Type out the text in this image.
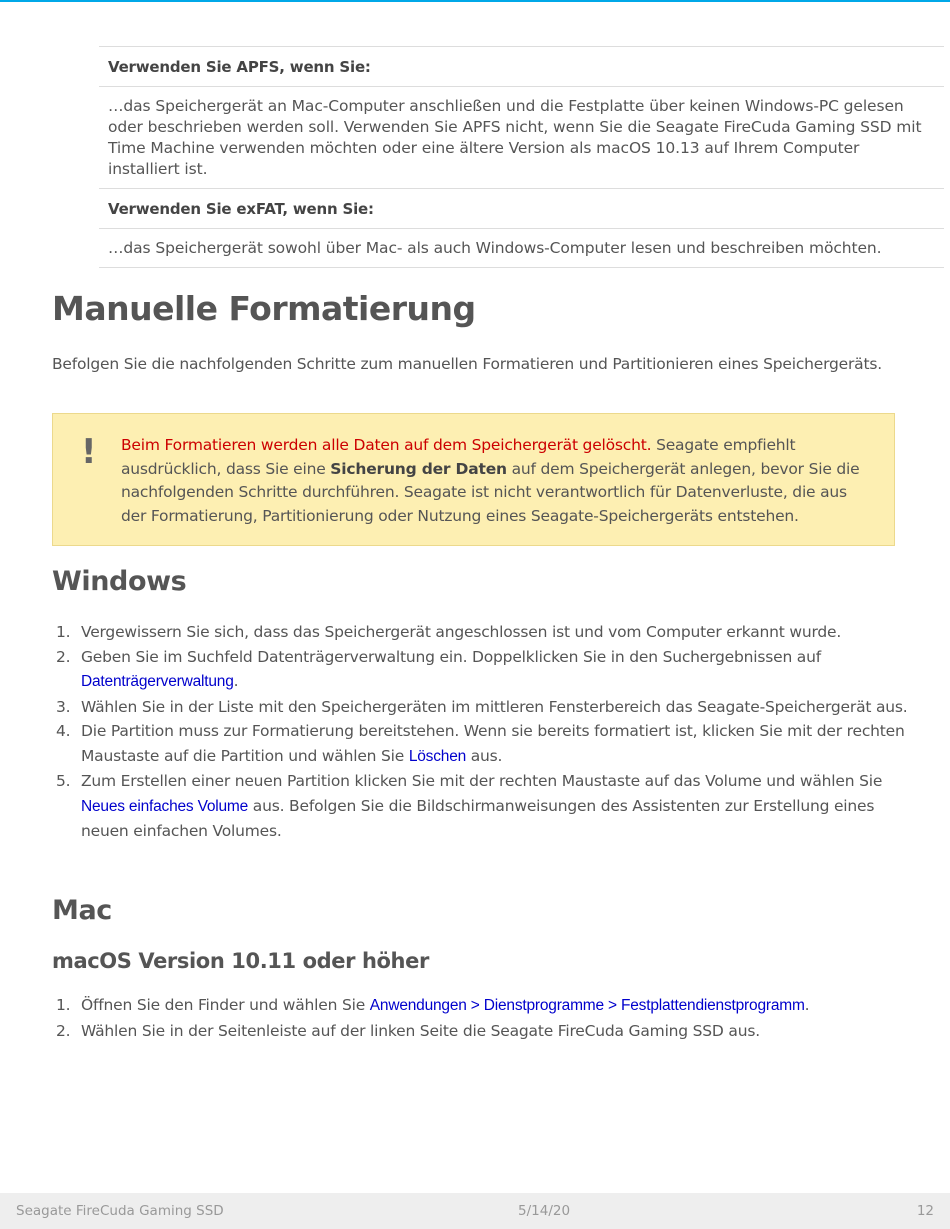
Verwenden Sie APFS, wenn Sie:
…das Speichergerät an Mac-Computer anschließen und die Festplatte über keinen Windows-PC gelesen oder beschrieben werden soll. Verwenden Sie APFS nicht, wenn Sie die Seagate FireCuda Gaming SSD mit Time Machine verwenden möchten oder eine ältere Version als macOS 10.13 auf Ihrem Computer installiert ist.
Verwenden Sie exFAT, wenn Sie:
…das Speichergerät sowohl über Mac- als auch Windows-Computer lesen und beschreiben möchten.
Manuelle Formatierung

Befolgen Sie die nachfolgenden Schritte zum manuellen Formatieren und Partitionieren eines Speichergeräts.

! Beim Formatieren werden alle Daten auf dem Speichergerät gelöscht. Seagate empfiehlt ausdrücklich, dass Sie eine Sicherung der Daten auf dem Speichergerät anlegen, bevor Sie die nachfolgenden Schritte durchführen. Seagate ist nicht verantwortlich für Datenverluste, die aus der Formatierung, Partitionierung oder Nutzung eines Seagate-Speichergeräts entstehen.
Windows
1. Vergewissern Sie sich, dass das Speichergerät angeschlossen ist und vom Computer erkannt wurde.
2. Geben Sie im Suchfeld Datenträgerverwaltung ein. Doppelklicken Sie in den Suchergebnissen auf Datenträgerverwaltung.
3. Wählen Sie in der Liste mit den Speichergeräten im mittleren Fensterbereich das Seagate-Speichergerät aus.
4. Die Partition muss zur Formatierung bereitstehen. Wenn sie bereits formatiert ist, klicken Sie mit der rechten Maustaste auf die Partition und wählen Sie Löschen aus.
5. Zum Erstellen einer neuen Partition klicken Sie mit der rechten Maustaste auf das Volume und wählen Sie Neues einfaches Volume aus. Befolgen Sie die Bildschirmanweisungen des Assistenten zur Erstellung eines neuen einfachen Volumes.
Mac
macOS Version 10.11 oder höher
1. Öffnen Sie den Finder und wählen Sie Anwendungen > Dienstprogramme > Festplattendienstprogramm.
2. Wählen Sie in der Seitenleiste auf der linken Seite die Seagate FireCuda Gaming SSD aus.
Seagate FireCuda Gaming SSD	5/14/20	12
